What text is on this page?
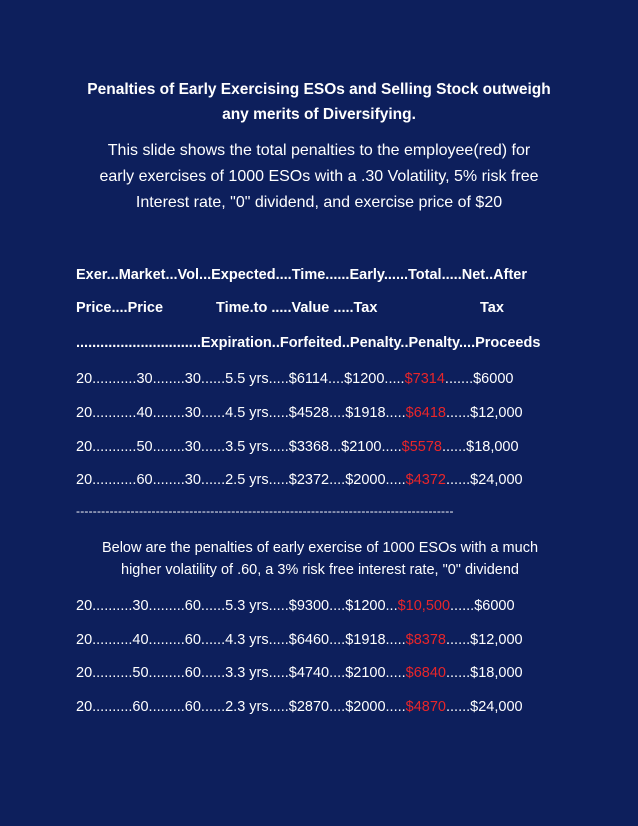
Penalties of Early Exercising ESOs and Selling Stock outweigh
any merits of Diversifying.
This slide shows the total penalties to the employee(red) for
early exercises of 1000 ESOs with a .30 Volatility, 5% risk free
Interest rate, "0" dividend, and exercise price of $20
Exer...Market...Vol...Expected....Time......Early......Total.....Net..After
Price....Price	Time.to .....Value .....Tax	Tax
...............................Expiration..Forfeited..Penalty..Penalty....Proceeds
20...........30........30......5.5 yrs.....$6114....$1200.....$7314.......$6000
20...........40........30......4.5 yrs.....$4528....$1918.....$6418......$12,000
20...........50........30......3.5 yrs.....$3368...$2100.....$5578......$18,000
20...........60........30......2.5 yrs.....$2372....$2000.....$4372......$24,000
------------------------------------------------------------------------------------------
Below are the penalties of early exercise of 1000 ESOs with a much
higher volatility of .60, a 3% risk free interest rate, "0" dividend
20..........30.........60......5.3 yrs.....$9300....$1200...$10,500......$6000
20..........40.........60......4.3 yrs.....$6460....$1918.....$8378......$12,000
20..........50.........60......3.3 yrs.....$4740....$2100.....$6840......$18,000
20..........60.........60......2.3 yrs.....$2870....$2000.....$4870......$24,000
